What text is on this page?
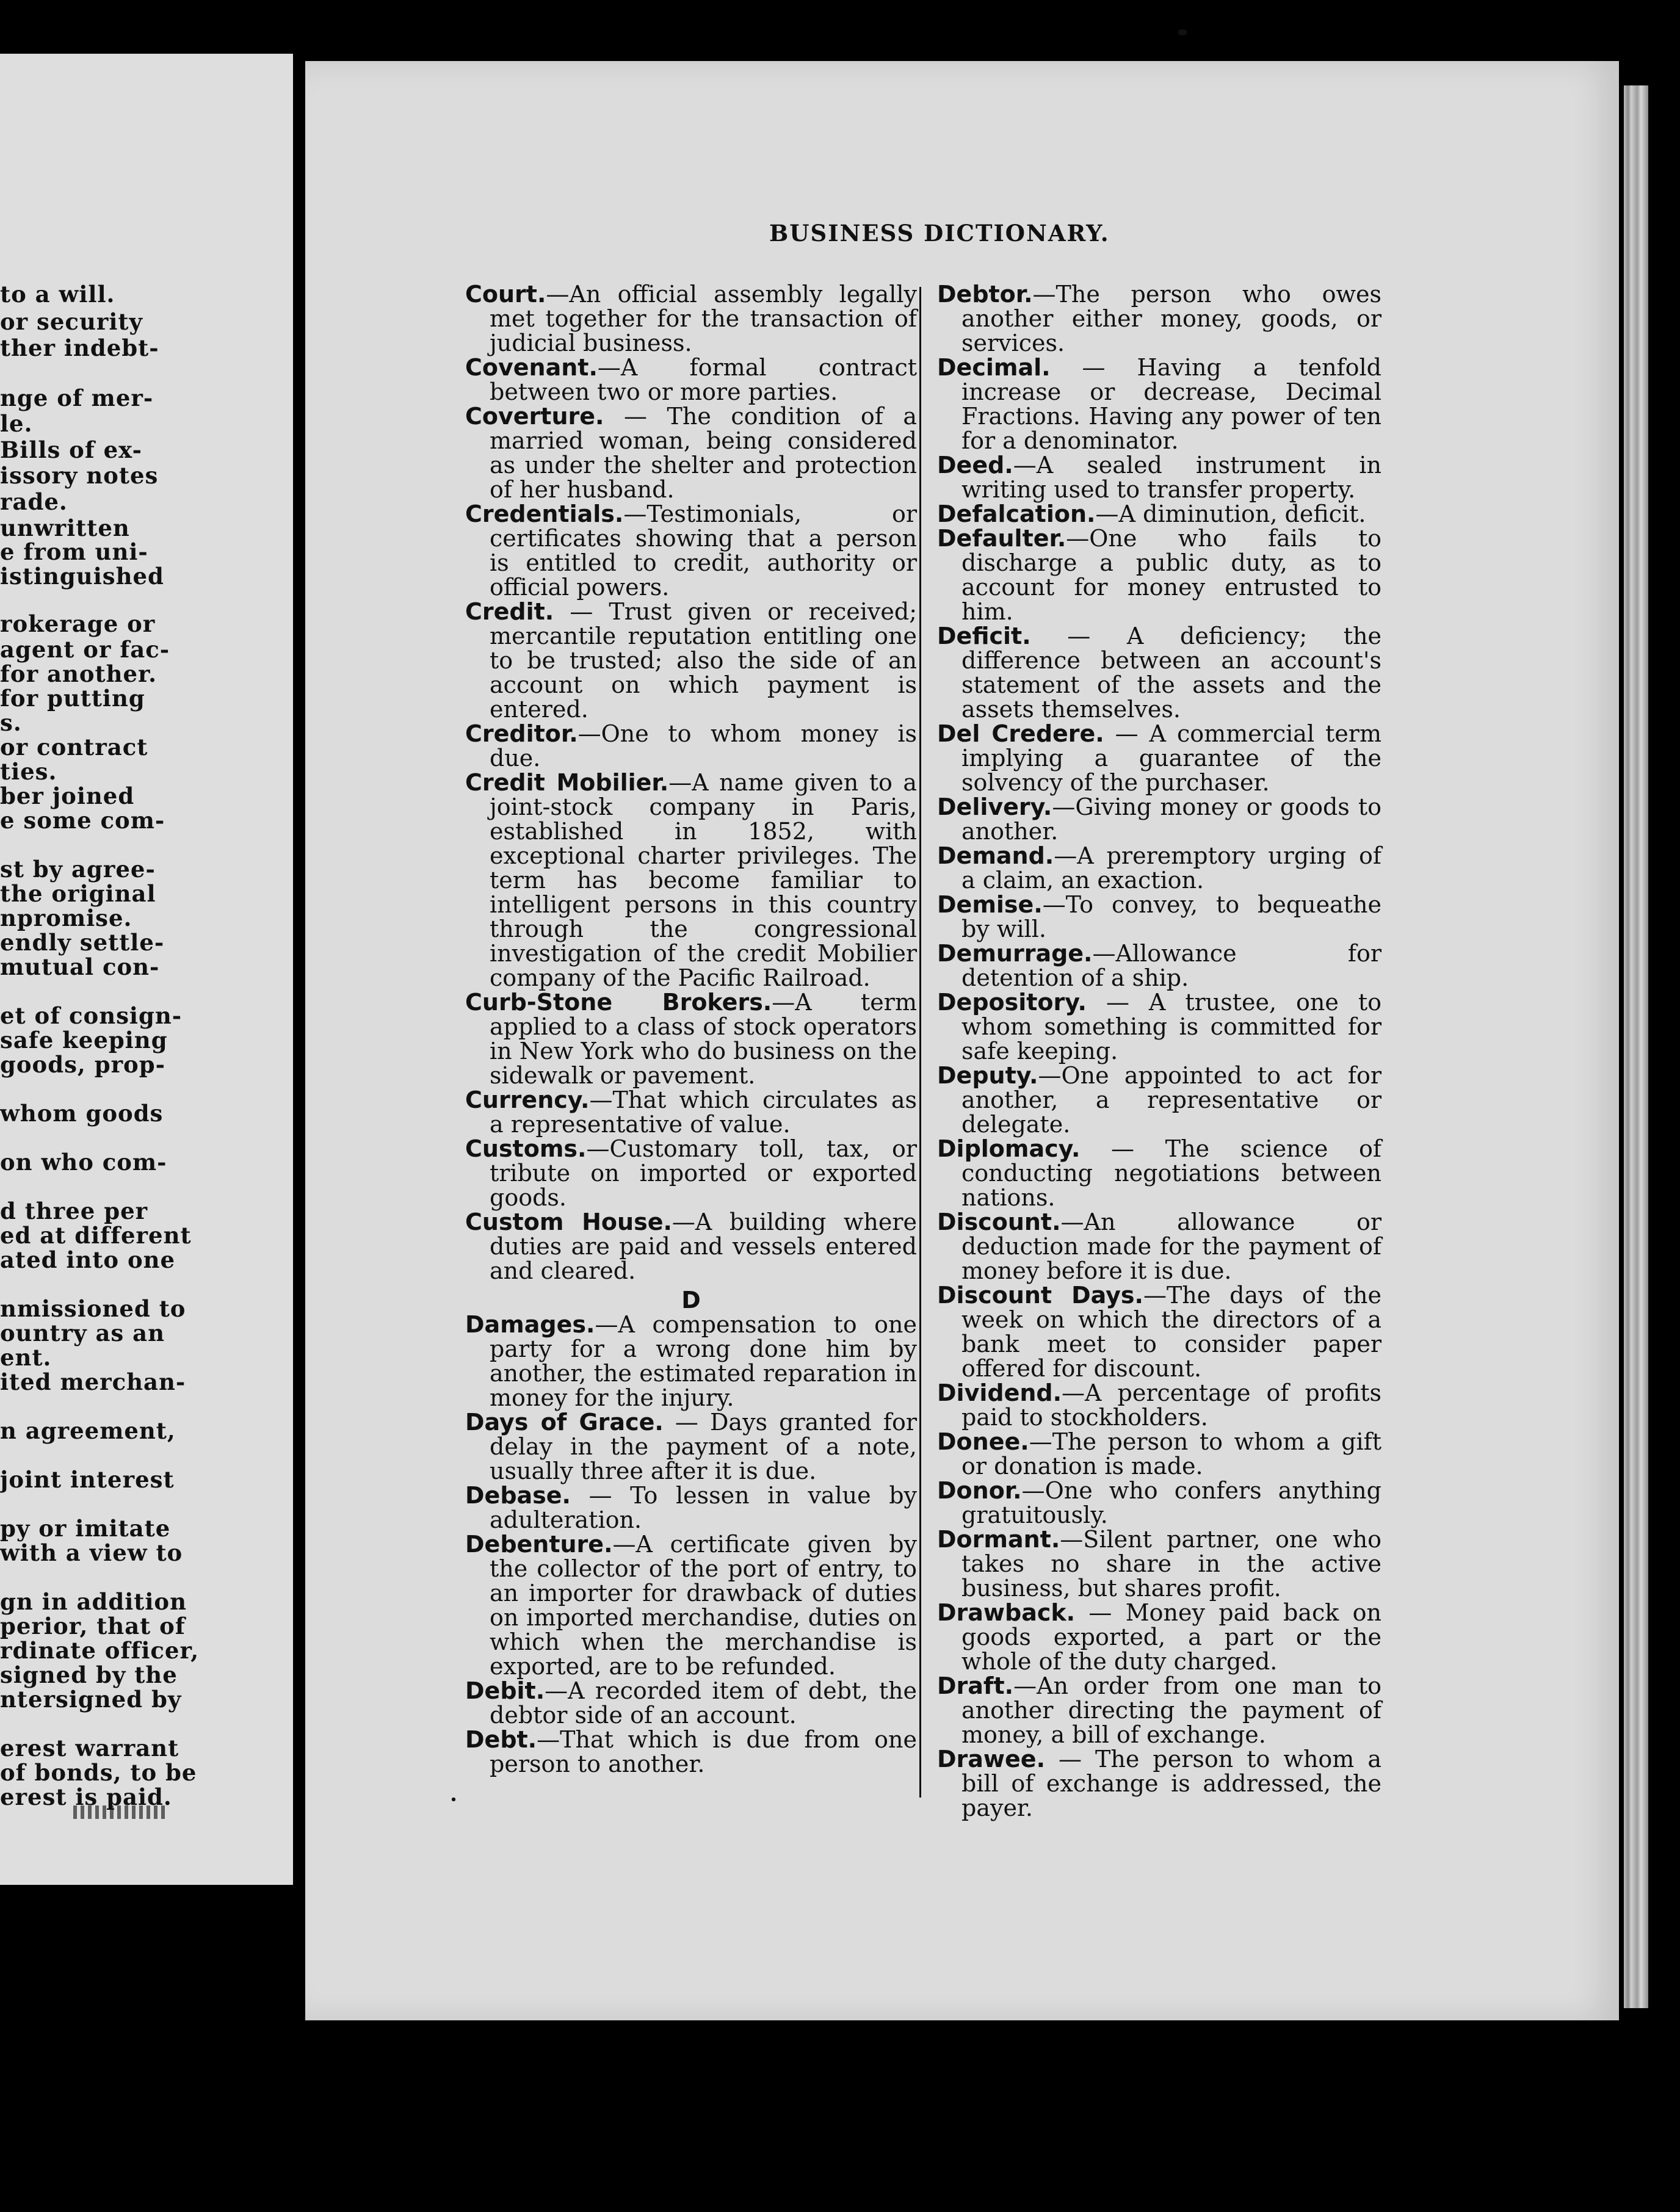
to a will.
or security
ther indebt-
nge of mer-
le.
Bills of ex-
issory notes
rade.
unwritten
e from uni-
istinguished
rokerage or
agent or fac-
for another.
for putting
s.
or contract
ties.
ber joined
e some com-
st by agree-
the original
npromise.
endly settle-
mutual con-
et of consign-
safe keeping
goods, prop-
whom goods
on who com-
d three per
ed at different
ated into one
nmissioned to
ountry as an
ent.
ited merchan-
n agreement,
joint interest
py or imitate
with a view to
gn in addition
perior, that of
rdinate officer,
signed by the
ntersigned by
erest warrant
of bonds, to be
erest is paid.
BUSINESS DICTIONARY.

Court.—An official assembly legally met together for the transaction of judicial business.

Covenant.—A formal contract between two or more parties.

Coverture. — The condition of a married woman, being considered as under the shelter and protection of her husband.

Credentials.—Testimonials, or certificates showing that a person is entitled to credit, authority or official powers.

Credit. — Trust given or received; mercantile reputation entitling one to be trusted; also the side of an account on which payment is entered.

Creditor.—One to whom money is due.

Credit Mobilier.—A name given to a joint-stock company in Paris, established in 1852, with exceptional charter privileges. The term has become familiar to intelligent persons in this country through the congressional investigation of the credit Mobilier company of the Pacific Railroad.

Curb-Stone Brokers.—A term applied to a class of stock operators in New York who do business on the sidewalk or pavement.

Currency.—That which circulates as a representative of value.

Customs.—Customary toll, tax, or tribute on imported or exported goods.

Custom House.—A building where duties are paid and vessels entered and cleared.

D

Damages.—A compensation to one party for a wrong done him by another, the estimated reparation in money for the injury.

Days of Grace. — Days granted for delay in the payment of a note, usually three after it is due.

Debase. — To lessen in value by adulteration.

Debenture.—A certificate given by the collector of the port of entry, to an importer for drawback of duties on imported merchandise, duties on which when the merchandise is exported, are to be refunded.

Debit.—A recorded item of debt, the debtor side of an account.

Debt.—That which is due from one person to another.

Debtor.—The person who owes another either money, goods, or services.

Decimal. — Having a tenfold increase or decrease, Decimal Fractions. Having any power of ten for a denominator.

Deed.—A sealed instrument in writing used to transfer property.

Defalcation.—A diminution, deficit.

Defaulter.—One who fails to discharge a public duty, as to account for money entrusted to him.

Deficit. — A deficiency; the difference between an account's statement of the assets and the assets themselves.

Del Credere. — A commercial term implying a guarantee of the solvency of the purchaser.

Delivery.—Giving money or goods to another.

Demand.—A preremptory urging of a claim, an exaction.

Demise.—To convey, to bequeathe by will.

Demurrage.—Allowance for detention of a ship.

Depository. — A trustee, one to whom something is committed for safe keeping.

Deputy.—One appointed to act for another, a representative or delegate.

Diplomacy. — The science of conducting negotiations between nations.

Discount.—An allowance or deduction made for the payment of money before it is due.

Discount Days.—The days of the week on which the directors of a bank meet to consider paper offered for discount.

Dividend.—A percentage of profits paid to stockholders.

Donee.—The person to whom a gift or donation is made.

Donor.—One who confers anything gratuitously.

Dormant.—Silent partner, one who takes no share in the active business, but shares profit.

Drawback. — Money paid back on goods exported, a part or the whole of the duty charged.

Draft.—An order from one man to another directing the payment of money, a bill of exchange.

Drawee. — The person to whom a bill of exchange is addressed, the payer.
